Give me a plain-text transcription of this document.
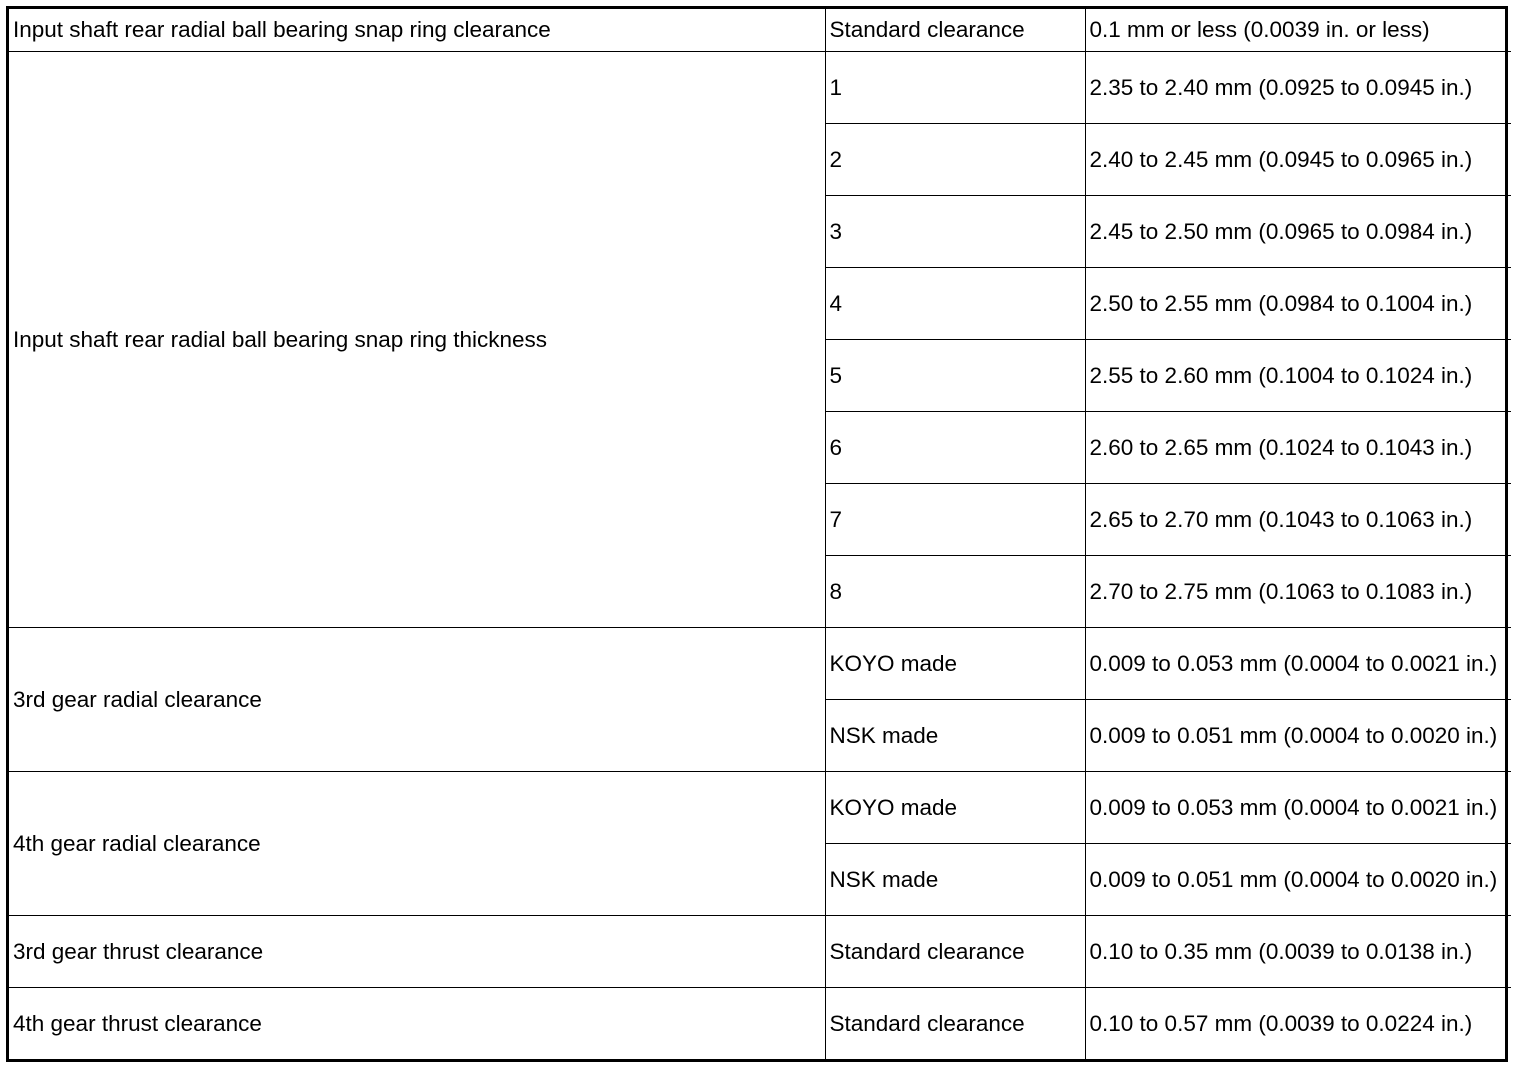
Input shaft rear radial ball bearing snap ring clearance	Standard clearance	0.1 mm or less (0.0039 in. or less)
Input shaft rear radial ball bearing snap ring thickness	1	2.35 to 2.40 mm (0.0925 to 0.0945 in.)
	2	2.40 to 2.45 mm (0.0945 to 0.0965 in.)
	3	2.45 to 2.50 mm (0.0965 to 0.0984 in.)
	4	2.50 to 2.55 mm (0.0984 to 0.1004 in.)
	5	2.55 to 2.60 mm (0.1004 to 0.1024 in.)
	6	2.60 to 2.65 mm (0.1024 to 0.1043 in.)
	7	2.65 to 2.70 mm (0.1043 to 0.1063 in.)
	8	2.70 to 2.75 mm (0.1063 to 0.1083 in.)
3rd gear radial clearance	KOYO made	0.009 to 0.053 mm (0.0004 to 0.0021 in.)
	NSK made	0.009 to 0.051 mm (0.0004 to 0.0020 in.)
4th gear radial clearance	KOYO made	0.009 to 0.053 mm (0.0004 to 0.0021 in.)
	NSK made	0.009 to 0.051 mm (0.0004 to 0.0020 in.)
3rd gear thrust clearance	Standard clearance	0.10 to 0.35 mm (0.0039 to 0.0138 in.)
4th gear thrust clearance	Standard clearance	0.10 to 0.57 mm (0.0039 to 0.0224 in.)
